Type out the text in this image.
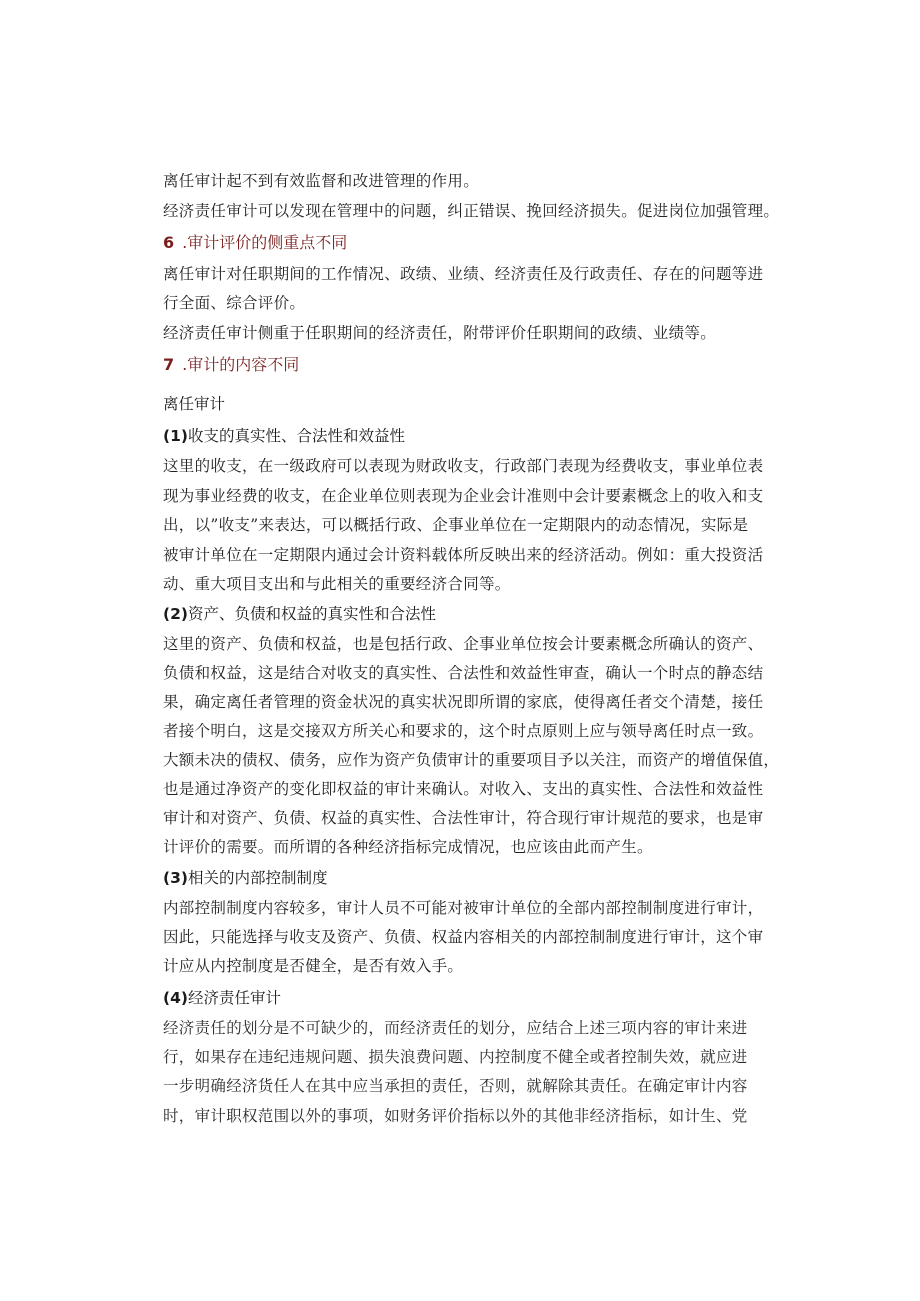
离任审计起不到有效监督和改进管理的作用。
经济责任审计可以发现在管理中的问题，纠正错误、挽回经济损失。促进岗位加强管理。
6 .审计评价的侧重点不同
离任审计对任职期间的工作情况、政绩、业绩、经济责任及行政责任、存在的问题等进
行全面、综合评价。
经济责任审计侧重于任职期间的经济责任，附带评价任职期间的政绩、业绩等。
7 .审计的内容不同
离任审计
(1)收支的真实性、合法性和效益性
这里的收支，在一级政府可以表现为财政收支，行政部门表现为经费收支，事业单位表
现为事业经费的收支，在企业单位则表现为企业会计准则中会计要素概念上的收入和支
出，以”收支”来表达，可以概括行政、企事业单位在一定期限内的动态情况，实际是
被审计单位在一定期限内通过会计资料载体所反映出来的经济活动。例如：重大投资活
动、重大项目支出和与此相关的重要经济合同等。
(2)资产、负债和权益的真实性和合法性
这里的资产、负债和权益，也是包括行政、企事业单位按会计要素概念所确认的资产、
负债和权益，这是结合对收支的真实性、合法性和效益性审查，确认一个时点的静态结
果，确定离任者管理的资金状况的真实状况即所谓的家底，使得离任者交个清楚，接任
者接个明白，这是交接双方所关心和要求的，这个时点原则上应与领导离任时点一致。
大额未决的债权、债务，应作为资产负债审计的重要项目予以关注，而资产的增值保值，
也是通过净资产的变化即权益的审计来确认。对收入、支出的真实性、合法性和效益性
审计和对资产、负债、权益的真实性、合法性审计，符合现行审计规范的要求，也是审
计评价的需要。而所谓的各种经济指标完成情况，也应该由此而产生。
(3)相关的内部控制制度
内部控制制度内容较多，审计人员不可能对被审计单位的全部内部控制制度进行审计，
因此，只能选择与收支及资产、负债、权益内容相关的内部控制制度进行审计，这个审
计应从内控制度是否健全，是否有效入手。
(4)经济责任审计
经济责任的划分是不可缺少的，而经济责任的划分，应结合上述三项内容的审计来进
行，如果存在违纪违规问题、损失浪费问题、内控制度不健全或者控制失效，就应进
一步明确经济货任人在其中应当承担的责任，否则，就解除其责任。在确定审计内容
时，审计职权范围以外的事项，如财务评价指标以外的其他非经济指标，如计生、党
